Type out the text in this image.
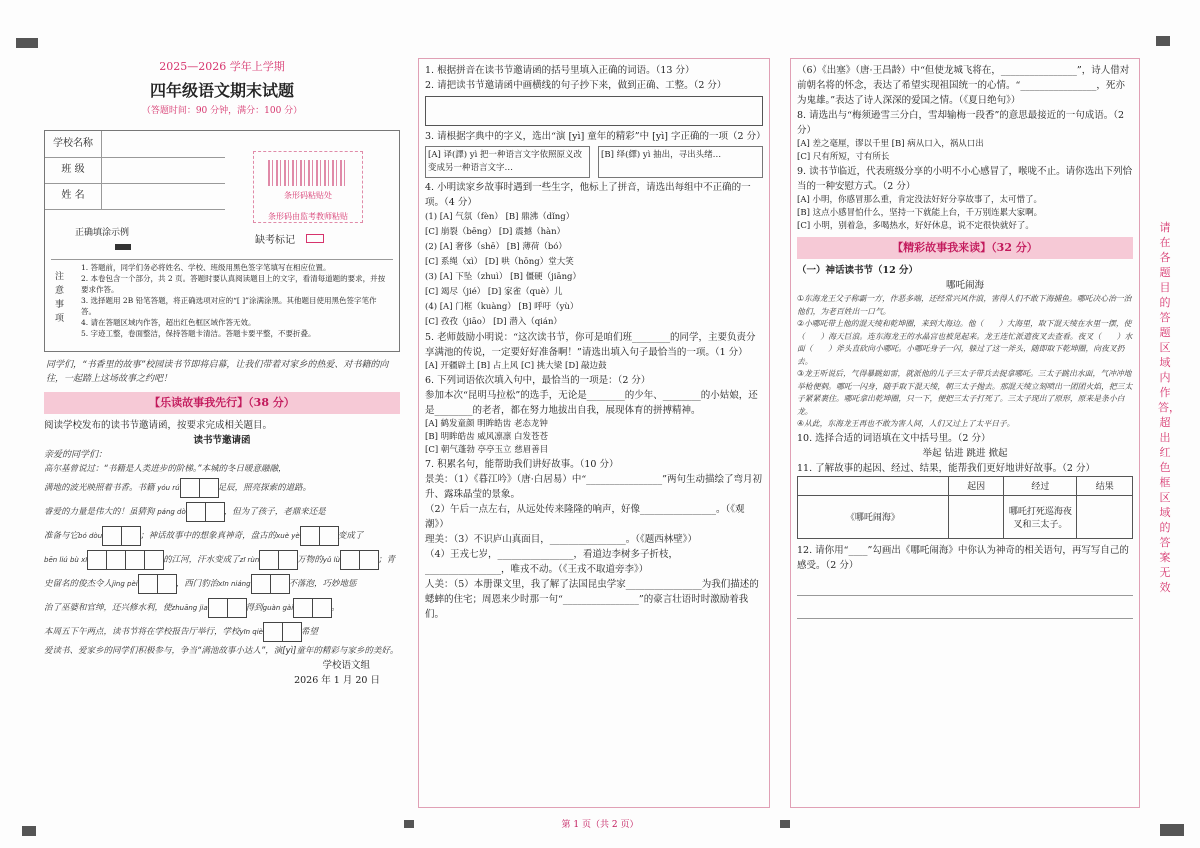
2025—2026 学年上学期
四年级语文期末试题
（答题时间：90 分钟，满分：100 分）
学校名称
班 级
姓 名	条形码粘贴处
条形码由监考教师粘贴
正确填涂示例
缺考标记
注意事项
1. 答题前，同学们务必将姓名、学校、班级用黑色签字笔填写在相应位置。
2. 本卷包含一个部分，共 2 页。答题时要认真阅读题目上的文字，看清每道题的要求，并按要求作答。
3. 选择题用 2B 铅笔答题，将正确选项对应的“[ ]”涂满涂黑。其他题目使用黑色签字笔作答。
4. 请在答题区域内作答，超出红色框区域作答无效。
5. 字迹工整，卷面整洁，保持答题卡清洁。答题卡要平整，不要折叠。
同学们，“书香里的故事”校园读书节即将启幕，让我们带着对家乡的热爱、对书籍的向往，一起踏上这场故事之约吧！
【乐读故事我先行】（38 分）
阅读学校发布的读书节邀请函，按要求完成相关题目。
读书节邀请函
亲爱的同学们：
高尔基曾说过：“书籍是人类进步的阶梯。”本城的冬日暖意融融，
满地的波光映照着书香。书籍 yóu rú	足辰，照亮探索的道路。
睿爱的力量是伟大的！虽猜狗 páng dò	，但为了孩子，老鼎来还是
准备与它bó dòu	；神话故事中的想象真神奇，盘古的xuè yè	变成了
bēn liú bù xī	的江河，汗水变成了zī rùn	万物的yǔ lù	；青
史留名的俊杰令人jìng pèi	，西门豹治xīn niáng	不落泡，巧妙地惩
治了巫婆和官绅，还兴修水利，使zhuāng jia	得到guàn gài	。
本周五下午两点，读书节将在学校报告厅举行，学校yīn qiè	希望
爱读书、爱家乡的同学们积极参与，争当“满池故事小达人”，演[yì]童年的精彩与家乡的美好。
学校语文组
2026 年 1 月 20 日
1. 根据拼音在读书节邀请函的括号里填入正确的词语。（13 分）
2. 请把读书节邀请函中画横线的句子抄下来，做到正确、工整。（2 分）
3. 请根据字典中的字义，选出“演 [yì] 童年的精彩”中 [yì] 字正确的一项（2 分）
[A] 译(譯) yì 把一种语言文字依照原义改变成另一种语言文字…
[B] 绎(繹) yì 抽出，寻出头绪…
4. 小明读家乡故事时遇到一些生字，他标上了拼音，请选出每组中不正确的一项。（4 分）
(1) [A] 气氛（fèn） [B] 鼎沸（dǐng）
[C] 崩裂（bēng） [D] 震撼（hàn）
(2) [A] 奢侈（shē） [B] 薄荷（bó）
[C] 系绳（xì） [D] 哄（hōng）堂大笑
(3) [A] 下坠（zhuì） [B] 僵硬（jiāng）
[C] 竭尽（jié） [D] 家雀（què）儿
(4) [A] 门框（kuàng） [B] 呼吁（yù）
[C] 孜孜（jiāo） [D] 潜入（qián）
5. 老师鼓励小明说：“这次读书节，你可是咱们班________的同学，主要负责分享满池的传说，一定要好好准备啊！”请选出填入句子最恰当的一项。（1 分）
[A] 开疆辟土 [B] 占上风 [C] 挑大梁 [D] 敲边鼓
6. 下列词语依次填入句中，最恰当的一项是：（2 分）
参加本次“昆明马拉松”的选手，无论是________的少年、________的小姑娘，还是________的老者，都在努力地拔出自我，展现体育的拼搏精神。
[A] 鹤发童颜 明眸皓齿 老态龙钟
[B] 明眸皓齿 威风凛凛 白发苍苍
[C] 朝气蓬勃 亭亭玉立 慈眉善目
7. 积累名句，能帮助我们讲好故事。（10 分）
景美：（1）《暮江吟》（唐·白居易）中“________________”两句生动描绘了弯月初升、露珠晶莹的景象。
（2）午后一点左右，从远处传来隆隆的响声，好像________________。（《观潮》）
理美：（3）不识庐山真面目，________________。（《题西林壁》）
（4）王戎七岁，________________，看道边李树多子折枝，________________，唯戎不动。（《王戎不取道旁李》）
人美：（5）本册课文里，我了解了法国昆虫学家________________为我们描述的蟋蟀的住宅；周恩来少时那一句“________________”的豪言壮语时时激励着我们。
（6）《出塞》（唐·王昌龄）中“但使龙城飞将在，________________”，诗人借对前朝名将的怀念，表达了希望实现祖国统一的心情。“________________，死亦为鬼雄。”表达了诗人深深的爱国之情。（《夏日绝句》）
8. 请选出与“梅须逊雪三分白，雪却输梅一段香”的意思最接近的一句成语。（2 分）
[A] 差之毫厘，谬以千里 [B] 病从口入，祸从口出
[C] 尺有所短，寸有所长
9. 读书节临近，代表班级分享的小明不小心感冒了，喉咙不止。请你选出下列恰当的一种安慰方式。（2 分）
[A] 小明，你感冒那么重，肯定没法好好分享故事了，太可惜了。
[B] 这点小感冒怕什么，坚持一下就能上台，千万别连累大家啊。
[C] 小明，别着急，多喝热水，好好休息，说不定很快就好了。
【精彩故事我来读】（32 分）
（一）神话读书节（12 分）
哪吒闹海
①东海龙王父子称霸一方，作恶多端，还经常兴风作浪，害得人们不敢下海捕鱼。哪吒决心治一治他们，为老百姓出一口气。
②小哪吒带上他的混天绫和乾坤圈，来到大海边。他（　　）大海里，取下混天绫在水里一摆，使（　　）海天巨浪。连东海龙王的水晶宫也被晃起来。龙王连忙派遣夜叉去查看。夜叉（　　）水面（　　）斧头直砍向小哪吒。小哪吒身子一闪，躲过了这一斧头，随即取下乾坤圈，向夜叉扔去。
③龙王听说后，气得暴跳如雷，就派他的儿子三太子带兵去捉拿哪吒。三太子跳出水面，气冲冲地举枪便刺。哪吒一闪身，随手取下混天绫，朝三太子抛去。那混天绫立刻喷出一团团火焰，把三太子紧紧裹住。哪吒拿出乾坤圈，只一下，便把三太子打死了。三太子现出了原形，原来是条小白龙。
④从此，东海龙王再也不敢为害人间，人们又过上了太平日子。
10. 选择合适的词语填在文中括号里。（2 分）
举起 钻进 跳进 掀起
11. 了解故事的起因、经过、结果，能帮我们更好地讲好故事。（2 分）
	起因	经过	结果
《哪吒闹海》		哪吒打死巡海夜叉和三太子。	
12. 请你用“____”勾画出《哪吒闹海》中你认为神奇的相关语句，再写写自己的感受。（2 分）
请在各题目的答题区域内作答，超出红色框区域的答案无效
第 1 页（共 2 页）
